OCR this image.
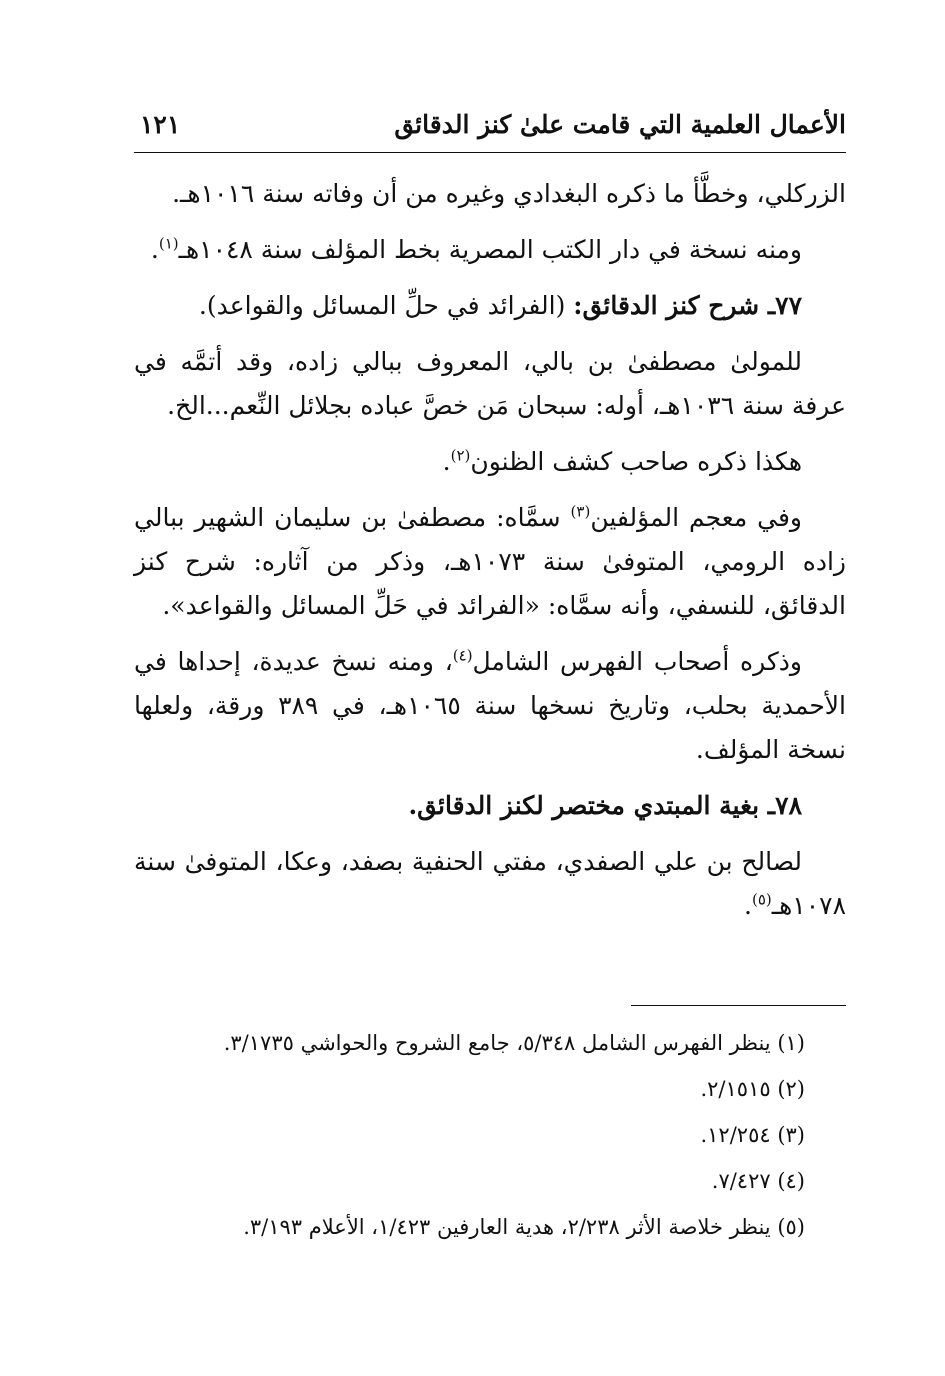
الأعمال العلمية التي قامت علىٰ كنز الدقائق
١٢١

الزركلي، وخطَّأ ما ذكره البغدادي وغيره من أن وفاته سنة ١٠١٦هـ.

ومنه نسخة في دار الكتب المصرية بخط المؤلف سنة ١٠٤٨هـ$^{(١)}$.

٧٧ـ شرح كنز الدقائق: (الفرائد في حلِّ المسائل والقواعد).

للمولىٰ مصطفىٰ بن بالي، المعروف ببالي زاده، وقد أتمَّه في عرفة سنة ١٠٣٦هـ، أوله: سبحان مَن خصَّ عباده بجلائل النِّعم...الخ.

هكذا ذكره صاحب كشف الظنون$^{(٢)}$.

وفي معجم المؤلفين$^{(٣)}$ سمَّاه: مصطفىٰ بن سليمان الشهير ببالي زاده الرومي، المتوفىٰ سنة ١٠٧٣هـ، وذكر من آثاره: شرح كنز الدقائق، للنسفي، وأنه سمَّاه: «الفرائد في حَلِّ المسائل والقواعد».

وذكره أصحاب الفهرس الشامل$^{(٤)}$، ومنه نسخ عديدة، إحداها في الأحمدية بحلب، وتاريخ نسخها سنة ١٠٦٥هـ، في ٣٨٩ ورقة، ولعلها نسخة المؤلف.

٧٨ـ بغية المبتدي مختصر لكنز الدقائق.

لصالح بن علي الصفدي، مفتي الحنفية بصفد، وعكا، المتوفىٰ سنة ١٠٧٨هـ$^{(٥)}$.

(١) ينظر الفهرس الشامل ٥/٣٤٨، جامع الشروح والحواشي ٣/١٧٣٥.

(٢) ٢/١٥١٥.

(٣) ١٢/٢٥٤.

(٤) ٧/٤٢٧.

(٥) ينظر خلاصة الأثر ٢/٢٣٨، هدية العارفين ١/٤٢٣، الأعلام ٣/١٩٣.
